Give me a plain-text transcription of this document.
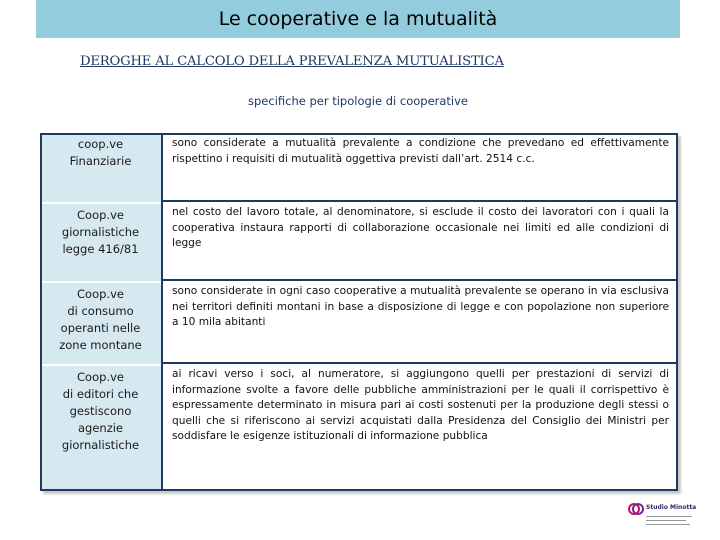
Le cooperative e la mutualità
DEROGHE AL CALCOLO DELLA PREVALENZA MUTUALISTICA
specifiche per tipologie di cooperative
coop.ve
Finanziarie
sono considerate a mutualità prevalente a condizione che prevedano ed effettivamente rispettino i requisiti di mutualità oggettiva previsti dall’art. 2514 c.c.
Coop.ve
giornalistiche
legge 416/81
nel costo del lavoro totale, al denominatore, si esclude il costo dei lavoratori con i quali la cooperativa instaura rapporti di collaborazione occasionale nei limiti ed alle condizioni di legge
Coop.ve
di consumo
operanti nelle
zone montane
sono considerate in ogni caso cooperative a mutualità prevalente se operano in via esclusiva nei territori definiti montani in base a disposizione di legge e con popolazione non superiore a 10 mila abitanti
Coop.ve
di editori che
gestiscono
agenzie
giornalistiche
ai ricavi verso i soci, al numeratore, si aggiungono quelli per prestazioni di servizi di informazione svolte a favore delle pubbliche amministrazioni per le quali il corrispettivo è espressamente determinato in misura pari ai costi sostenuti per la produzione degli stessi o quelli che si riferiscono ai servizi acquistati dalla Presidenza del Consiglio dei Ministri per soddisfare le esigenze istituzionali di informazione pubblica
Studio Minotta
